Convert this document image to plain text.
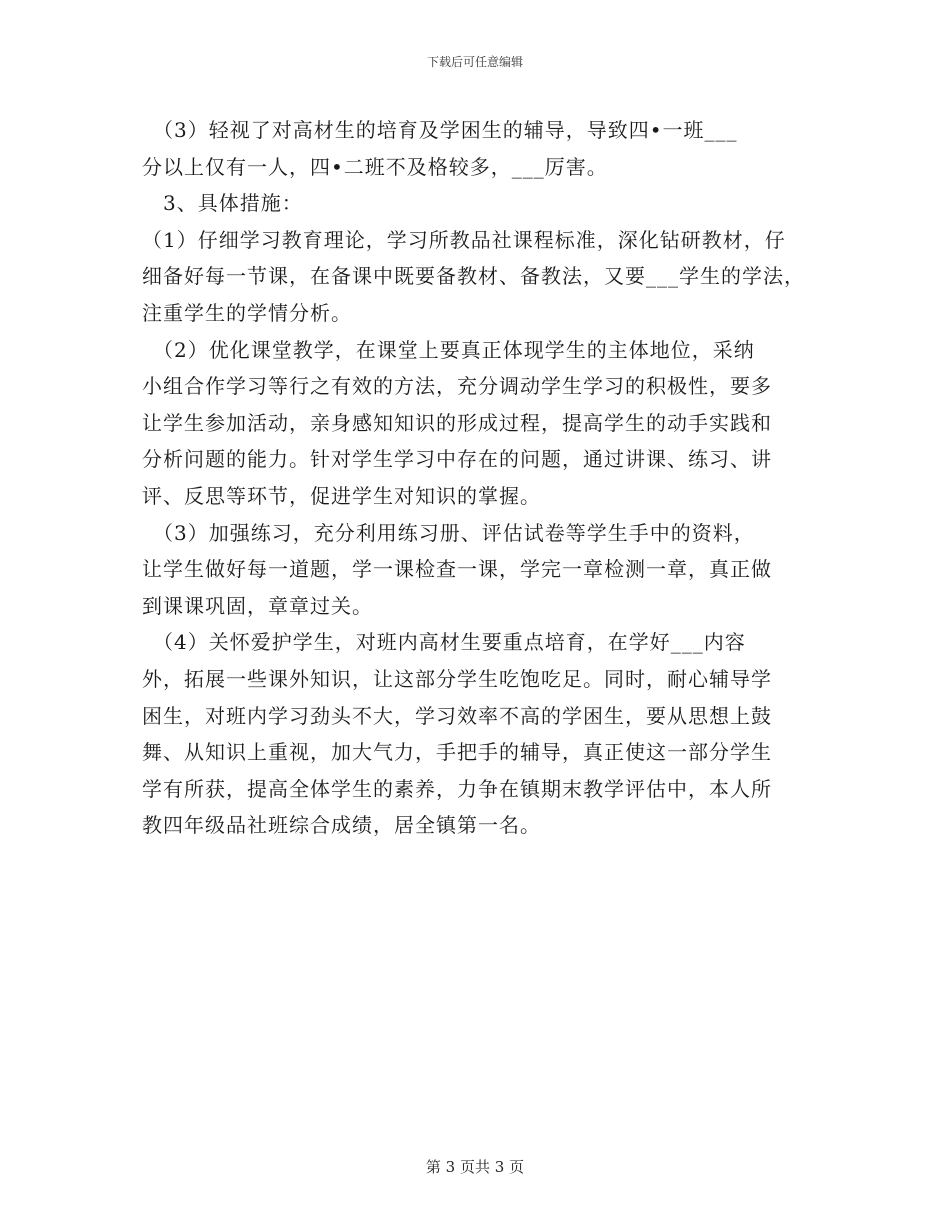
下载后可任意编辑
　（3）轻视了对高材生的培育及学困生的辅导，导致四•一班___
分以上仅有一人，四•二班不及格较多，___厉害。
　3、具体措施：
（1）仔细学习教育理论，学习所教品社课程标准，深化钻研教材，仔
细备好每一节课，在备课中既要备教材、备教法，又要___学生的学法，
注重学生的学情分析。
　（2）优化课堂教学，在课堂上要真正体现学生的主体地位，采纳
小组合作学习等行之有效的方法，充分调动学生学习的积极性，要多
让学生参加活动，亲身感知知识的形成过程，提高学生的动手实践和
分析问题的能力。针对学生学习中存在的问题，通过讲课、练习、讲
评、反思等环节，促进学生对知识的掌握。
　（3）加强练习，充分利用练习册、评估试卷等学生手中的资料，
让学生做好每一道题，学一课检查一课，学完一章检测一章，真正做
到课课巩固，章章过关。
　（4）关怀爱护学生，对班内高材生要重点培育，在学好___内容
外，拓展一些课外知识，让这部分学生吃饱吃足。同时，耐心辅导学
困生，对班内学习劲头不大，学习效率不高的学困生，要从思想上鼓
舞、从知识上重视，加大气力，手把手的辅导，真正使这一部分学生
学有所获，提高全体学生的素养，力争在镇期末教学评估中，本人所
教四年级品社班综合成绩，居全镇第一名。
第 3 页共 3 页
